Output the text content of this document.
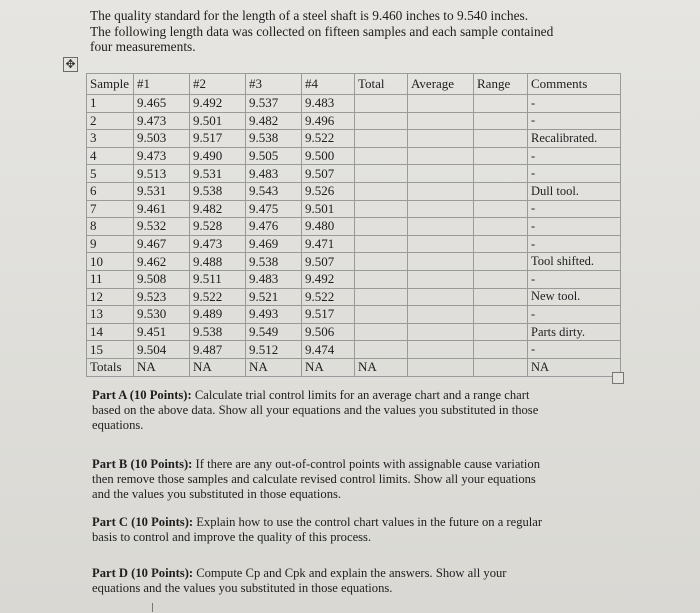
The quality standard for the length of a steel shaft is 9.460 inches to 9.540 inches.
The following length data was collected on fifteen samples and each sample contained
four measurements.
✥
Sample	#1	#2	#3	#4	Total	Average	Range	Comments
1	9.465	9.492	9.537	9.483				-
2	9.473	9.501	9.482	9.496				-
3	9.503	9.517	9.538	9.522				Recalibrated.
4	9.473	9.490	9.505	9.500				-
5	9.513	9.531	9.483	9.507				-
6	9.531	9.538	9.543	9.526				Dull tool.
7	9.461	9.482	9.475	9.501				-
8	9.532	9.528	9.476	9.480				-
9	9.467	9.473	9.469	9.471				-
10	9.462	9.488	9.538	9.507				Tool shifted.
11	9.508	9.511	9.483	9.492				-
12	9.523	9.522	9.521	9.522				New tool.
13	9.530	9.489	9.493	9.517				-
14	9.451	9.538	9.549	9.506				Parts dirty.
15	9.504	9.487	9.512	9.474				-
Totals	NA	NA	NA	NA	NA			NA
Part A (10 Points): Calculate trial control limits for an average chart and a range chart
based on the above data. Show all your equations and the values you substituted in those
equations.
Part B (10 Points): If there are any out-of-control points with assignable cause variation
then remove those samples and calculate revised control limits. Show all your equations
and the values you substituted in those equations.
Part C (10 Points): Explain how to use the control chart values in the future on a regular
basis to control and improve the quality of this process.
Part D (10 Points): Compute Cp and Cpk and explain the answers. Show all your
equations and the values you substituted in those equations.
